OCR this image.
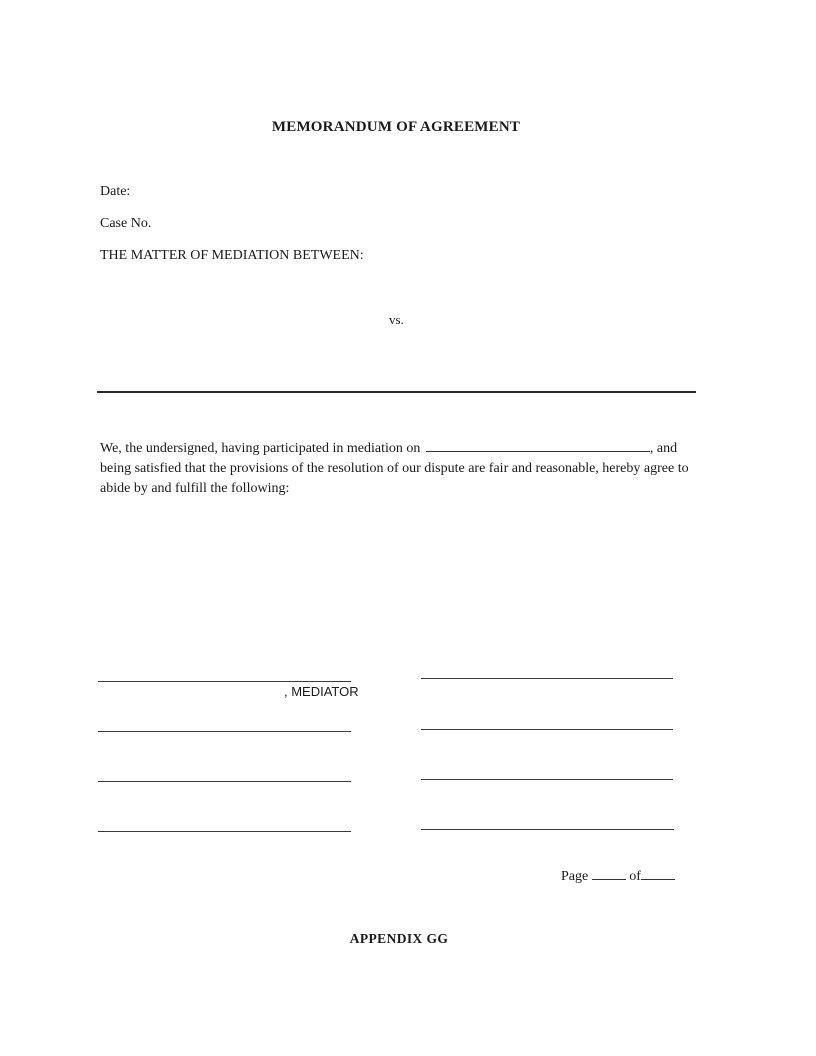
MEMORANDUM OF AGREEMENT
Date:
Case No.
THE MATTER OF MEDIATION BETWEEN:
vs.
We, the undersigned, having participated in mediation on	, and being satisfied that the provisions of the resolution of our dispute are fair and reasonable, hereby agree to abide by and fulfill the following:
, MEDIATOR
Page	of
APPENDIX GG
